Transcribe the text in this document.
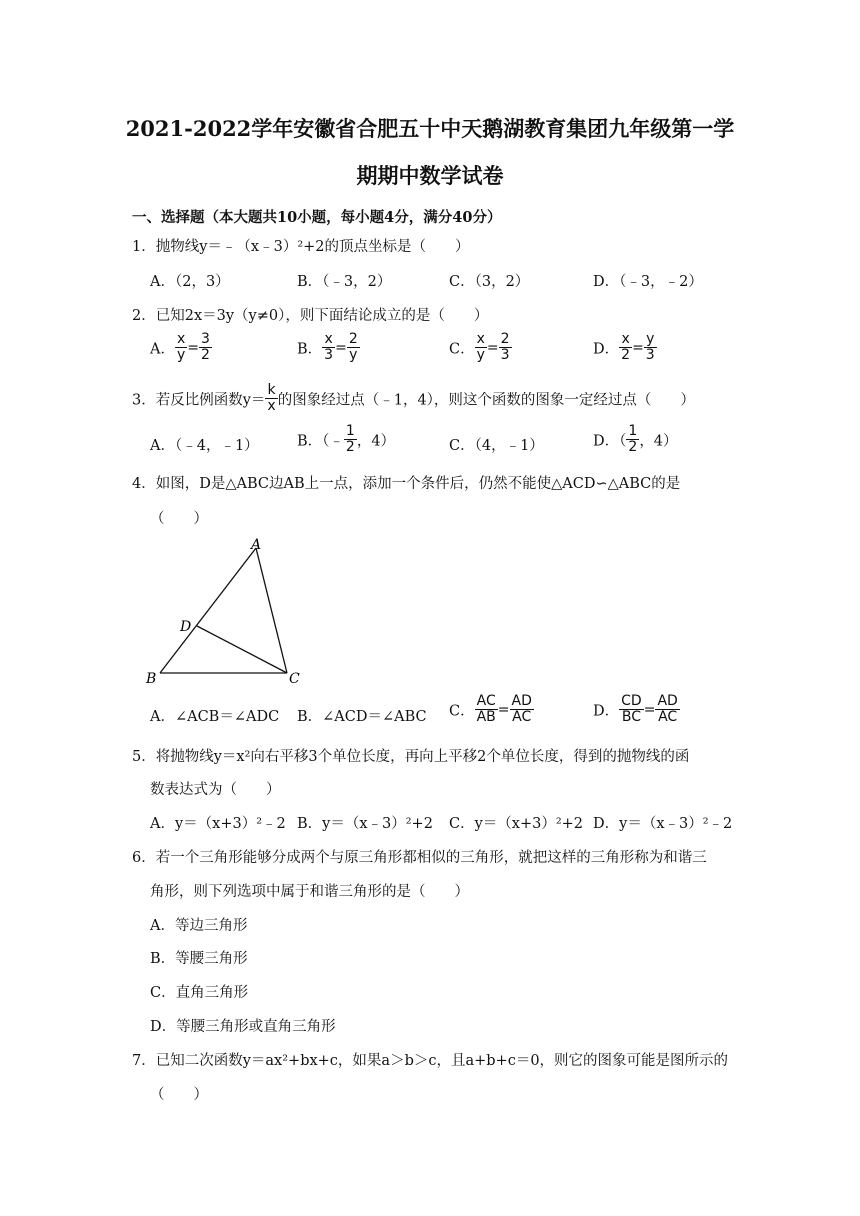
2021-2022学年安徽省合肥五十中天鹅湖教育集团九年级第一学
期期中数学试卷
一、选择题（本大题共10小题，每小题4分，满分40分）
1．抛物线y＝﹣（x﹣3）²+2的顶点坐标是（　　）
A．（2，3）	B．（﹣3，2）	C．（3，2）	D．（﹣3，﹣2）
2．已知2x＝3y（y≠0），则下面结论成立的是（　　）
A． $\frac{x}{y} = \frac{3}{2}$	B． $\frac{x}{3} = \frac{2}{y}$	C． $\frac{x}{y} = \frac{2}{3}$	D． $\frac{x}{2} = \frac{y}{3}$
3．若反比例函数$y= \frac{k}{x}$ 的图象经过点（﹣1，4），则这个函数的图象一定经过点（　　）
A．（﹣4，﹣1）	B．（﹣ $\frac{1}{2}$ ，4）	C．（4，﹣1）	D．（ $\frac{1}{2}$ ，4）
4．如图，D是△ABC边AB上一点，添加一个条件后，仍然不能使△ACD∽△ABC的是
（　　）
A
D
B	C
A．∠ACB＝∠ADC B．∠ACD＝∠ABC C． $\frac{AC}{AB} = \frac{AD}{AC}$	D． $\frac{CD}{BC} = \frac{AD}{AC}$
5．将抛物线y＝x²向右平移3个单位长度，再向上平移2个单位长度，得到的抛物线的函
数表达式为（　　）
A．y＝（x+3）²﹣2 B．y＝（x﹣3）²+2 C．y＝（x+3）²+2 D．y＝（x﹣3）²﹣2
6．若一个三角形能够分成两个与原三角形都相似的三角形，就把这样的三角形称为和谐三
角形，则下列选项中属于和谐三角形的是（　　）
A．等边三角形
B．等腰三角形
C．直角三角形
D．等腰三角形或直角三角形
7．已知二次函数y＝ax²+bx+c，如果a＞b＞c，且a+b+c＝0，则它的图象可能是图所示的
（　　）
